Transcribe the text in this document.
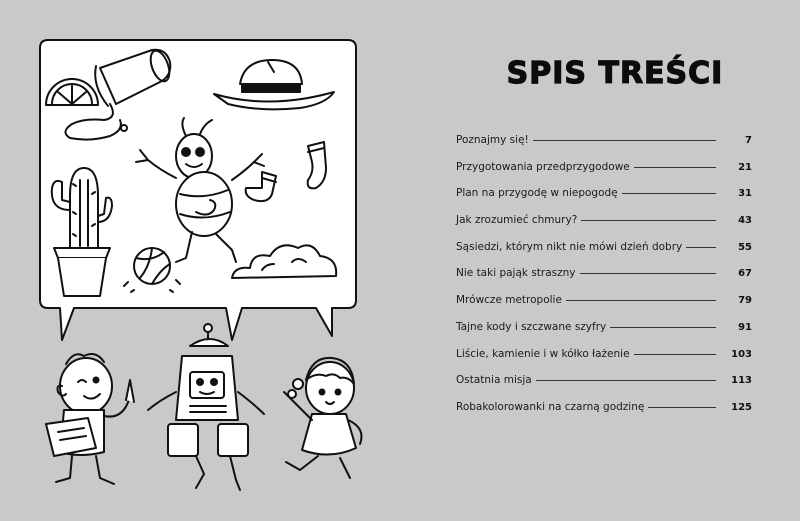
SPIS TREŚCI
Poznajmy się!	7
Przygotowania przedprzygodowe	21
Plan na przygodę w niepogodę	31
Jak zrozumieć chmury?	43
Sąsiedzi, którym nikt nie mówi dzień dobry	55
Nie taki pająk straszny	67
Mrówcze metropolie	79
Tajne kody i szczwane szyfry	91
Liście, kamienie i w kółko łażenie	103
Ostatnia misja	113
Robakolorowanki na czarną godzinę	125
